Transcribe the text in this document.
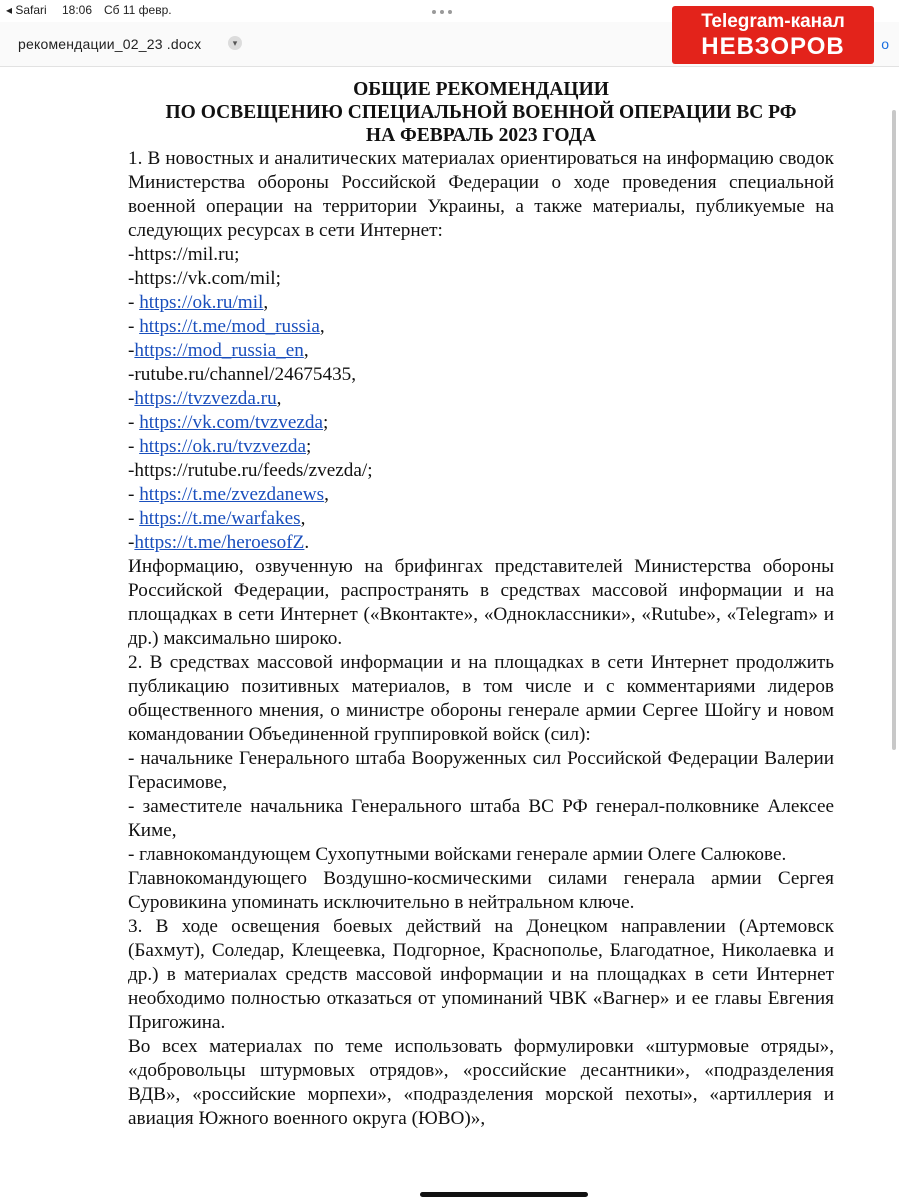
◂ Safari 18:06 Сб 11 февр.
рекомендации_02_23 .docx	▾	о
Telegram-канал
НЕВЗОРОВ
ОБЩИЕ РЕКОМЕНДАЦИИ
ПО ОСВЕЩЕНИЮ СПЕЦИАЛЬНОЙ ВОЕННОЙ ОПЕРАЦИИ ВС РФ
НА ФЕВРАЛЬ 2023 ГОДА
1. В новостных и аналитических материалах ориентироваться на информацию сводок Министерства обороны Российской Федерации о ходе проведения специальной военной операции на территории Украины, а также материалы, публикуемые на следующих ресурсах в сети Интернет:
-https://mil.ru;
-https://vk.com/mil;
- https://ok.ru/mil,
- https://t.me/mod_russia,
-https://mod_russia_en,
-rutube.ru/channel/24675435,
-https://tvzvezda.ru,
- https://vk.com/tvzvezda;
- https://ok.ru/tvzvezda;
-https://rutube.ru/feeds/zvezda/;
- https://t.me/zvezdanews,
- https://t.me/warfakes,
-https://t.me/heroesofZ.
Информацию, озвученную на брифингах представителей Министерства обороны Российской Федерации, распространять в средствах массовой информации и на площадках в сети Интернет («Вконтакте», «Одноклассники», «Rutube», «Telegram» и др.) максимально широко.
2. В средствах массовой информации и на площадках в сети Интернет продолжить публикацию позитивных материалов, в том числе и с комментариями лидеров общественного мнения, о министре обороны генерале армии Сергее Шойгу и новом командовании Объединенной группировкой войск (сил):
- начальнике Генерального штаба Вооруженных сил Российской Федерации Валерии Герасимове,
- заместителе начальника Генерального штаба ВС РФ генерал-полковнике Алексее Киме,
- главнокомандующем Сухопутными войсками генерале армии Олеге Салюкове.
Главнокомандующего Воздушно-космическими силами генерала армии Сергея Суровикина упоминать исключительно в нейтральном ключе.
3. В ходе освещения боевых действий на Донецком направлении (Артемовск (Бахмут), Соледар, Клещеевка, Подгорное, Краснополье, Благодатное, Николаевка и др.) в материалах средств массовой информации и на площадках в сети Интернет необходимо полностью отказаться от упоминаний ЧВК «Вагнер» и ее главы Евгения Пригожина.
Во всех материалах по теме использовать формулировки «штурмовые отряды», «добровольцы штурмовых отрядов», «российские десантники», «подразделения ВДВ», «российские морпехи», «подразделения морской пехоты», «артиллерия и авиация Южного военного округа (ЮВО)»,
